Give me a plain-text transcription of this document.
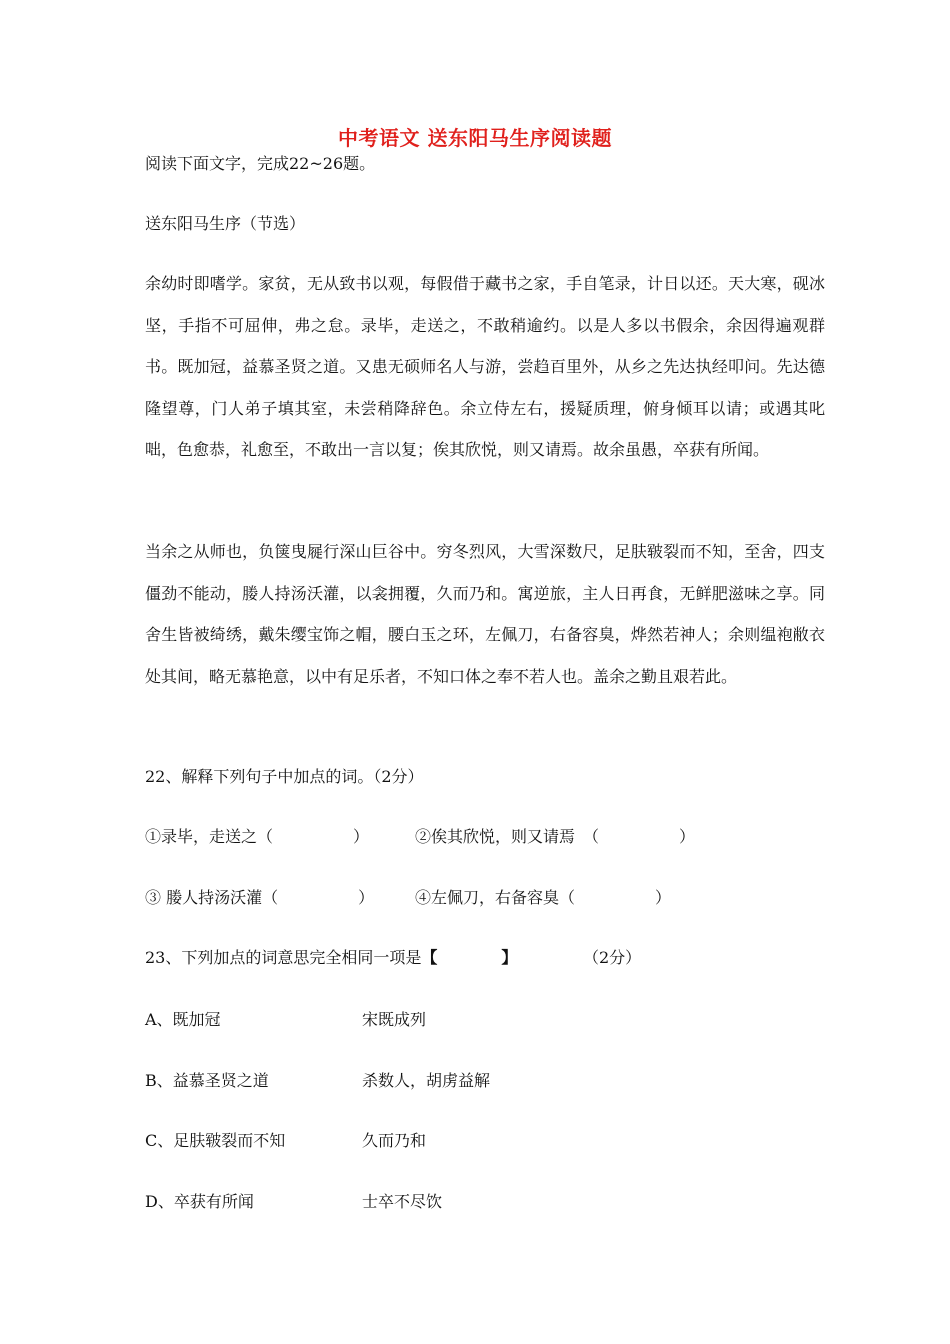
中考语文 送东阳马生序阅读题
阅读下面文字，完成22~26题。
送东阳马生序（节选）
余幼时即嗜学。家贫，无从致书以观，每假借于藏书之家，手自笔录，计日以还。天大寒，砚冰坚，手指不可屈伸，弗之怠。录毕，走送之，不敢稍逾约。以是人多以书假余，余因得遍观群书。既加冠，益慕圣贤之道。又患无硕师名人与游，尝趋百里外，从乡之先达执经叩问。先达德隆望尊，门人弟子填其室，未尝稍降辞色。余立侍左右，援疑质理，俯身倾耳以请；或遇其叱咄，色愈恭，礼愈至，不敢出一言以复；俟其欣悦，则又请焉。故余虽愚，卒获有所闻。
当余之从师也，负箧曳屣行深山巨谷中。穷冬烈风，大雪深数尺，足肤皲裂而不知，至舍，四支僵劲不能动，媵人持汤沃灌，以衾拥覆，久而乃和。寓逆旅，主人日再食，无鲜肥滋味之享。同舍生皆被绮绣，戴朱缨宝饰之帽，腰白玉之环，左佩刀，右备容臭，烨然若神人；余则缊袍敝衣处其间，略无慕艳意，以中有足乐者，不知口体之奉不若人也。盖余之勤且艰若此。
22、解释下列句子中加点的词。（2分）
①录毕，走送之（　　　　　）	②俟其欣悦，则又请焉　（　　　　　）
③ 媵人持汤沃灌（　　　　　）	④左佩刀，右备容臭（　　　　　）
23、下列加点的词意思完全相同一项是【　　　　】	（2分）
A、既加冠	宋既成列
B、益慕圣贤之道	杀数人，胡虏益解
C、足肤皲裂而不知	久而乃和
D、卒获有所闻	士卒不尽饮
